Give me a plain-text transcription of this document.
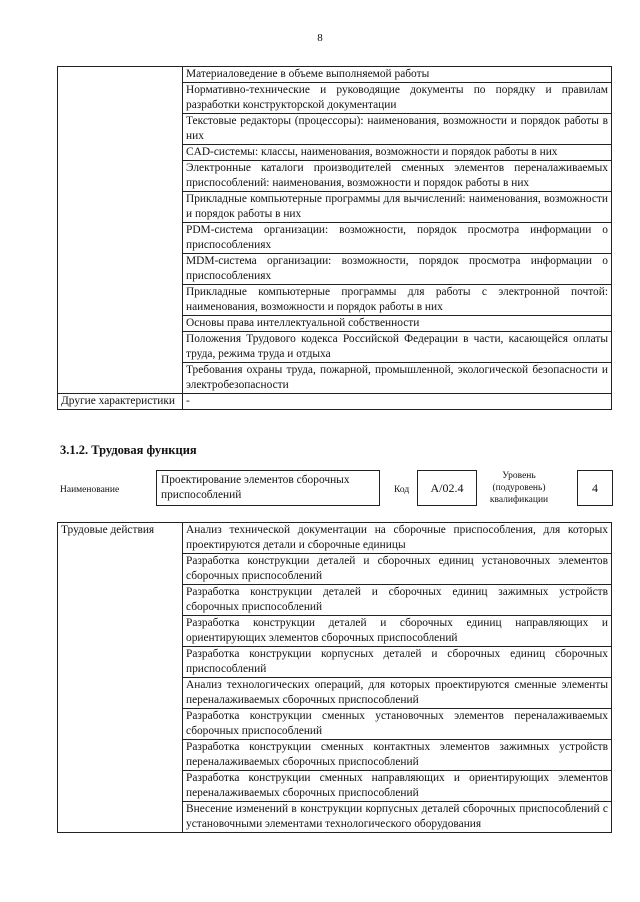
8
	Материаловедение в объеме выполняемой работы
	Нормативно-технические и руководящие документы по порядку и правилам разработки конструкторской документации
	Текстовые редакторы (процессоры): наименования, возможности и порядок работы в них
	CAD-системы: классы, наименования, возможности и порядок работы в них
	Электронные каталоги производителей сменных элементов переналаживаемых приспособлений: наименования, возможности и порядок работы в них
	Прикладные компьютерные программы для вычислений: наименования, возможности и порядок работы в них
	PDM-система организации: возможности, порядок просмотра информации о приспособлениях
	MDM-система организации: возможности, порядок просмотра информации о приспособлениях
	Прикладные компьютерные программы для работы с электронной почтой: наименования, возможности и порядок работы в них
	Основы права интеллектуальной собственности
	Положения Трудового кодекса Российской Федерации в части, касающейся оплаты труда, режима труда и отдыха
	Требования охраны труда, пожарной, промышленной, экологической безопасности и электробезопасности
Другие характеристики	-
3.1.2. Трудовая функция
Наименование
Проектирование элементов сборочных приспособлений	Код	А/02.4
Уровень (подуровень) квалификации
4
Трудовые действия	Анализ технической документации на сборочные приспособления, для которых проектируются детали и сборочные единицы
Разработка конструкции деталей и сборочных единиц установочных элементов сборочных приспособлений
Разработка конструкции деталей и сборочных единиц зажимных устройств сборочных приспособлений
Разработка конструкции деталей и сборочных единиц направляющих и ориентирующих элементов сборочных приспособлений
Разработка конструкции корпусных деталей и сборочных единиц сборочных приспособлений
Анализ технологических операций, для которых проектируются сменные элементы переналаживаемых сборочных приспособлений
Разработка конструкции сменных установочных элементов переналаживаемых сборочных приспособлений
Разработка конструкции сменных контактных элементов зажимных устройств переналаживаемых сборочных приспособлений
Разработка конструкции сменных направляющих и ориентирующих элементов переналаживаемых сборочных приспособлений
Внесение изменений в конструкции корпусных деталей сборочных приспособлений с установочными элементами технологического оборудования
